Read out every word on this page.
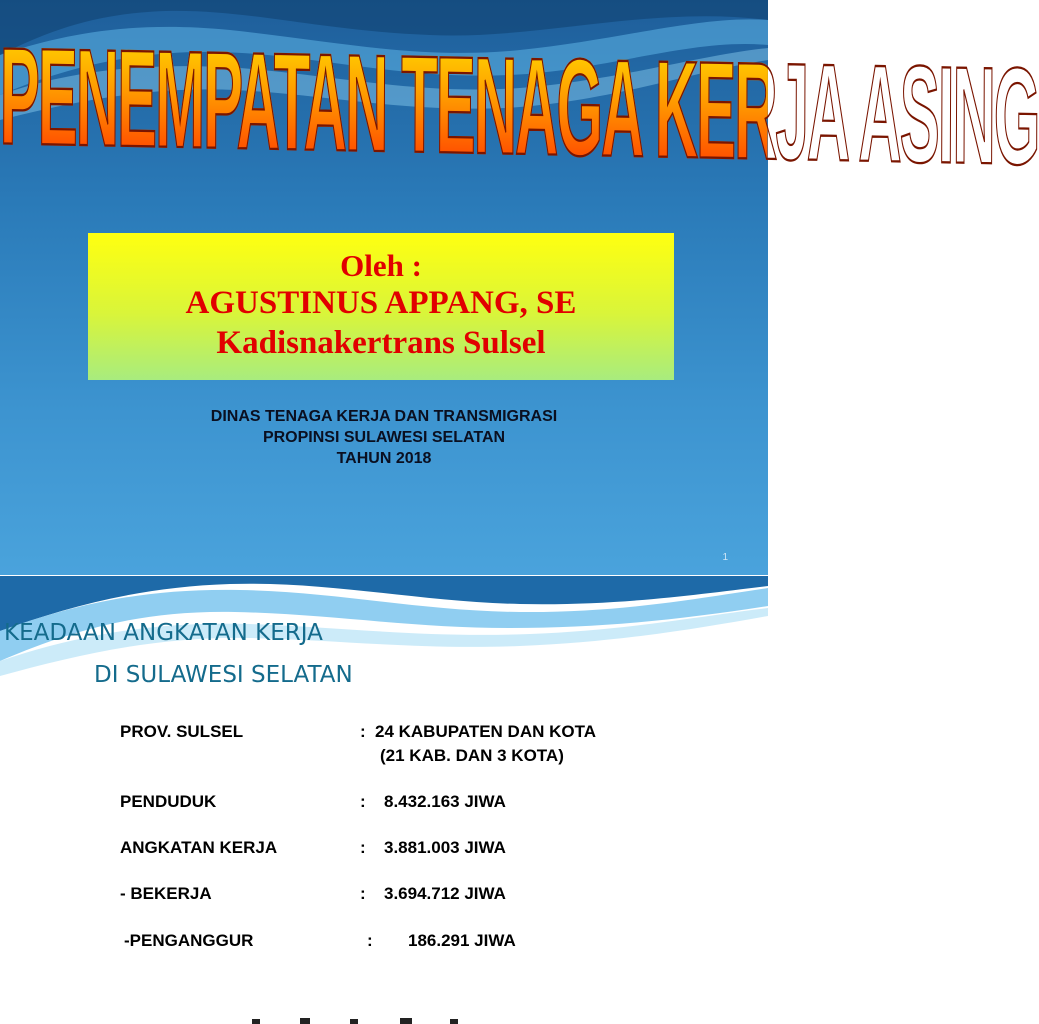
PENEMPATAN TENAGA KERJA ASING
Oleh :
AGUSTINUS APPANG, SE
Kadisnakertrans Sulsel
DINAS TENAGA KERJA DAN TRANSMIGRASI
PROPINSI SULAWESI SELATAN
TAHUN 2018
1
KEADAAN ANGKATAN KERJA
DI SULAWESI SELATAN
PROV. SULSEL	: 24 KABUPATEN DAN KOTA
(21 KAB. DAN 3 KOTA)
PENDUDUK	: 8.432.163 JIWA
ANGKATAN KERJA	: 3.881.003 JIWA
- BEKERJA	: 3.694.712 JIWA
-PENGANGGUR	: 186.291 JIWA
